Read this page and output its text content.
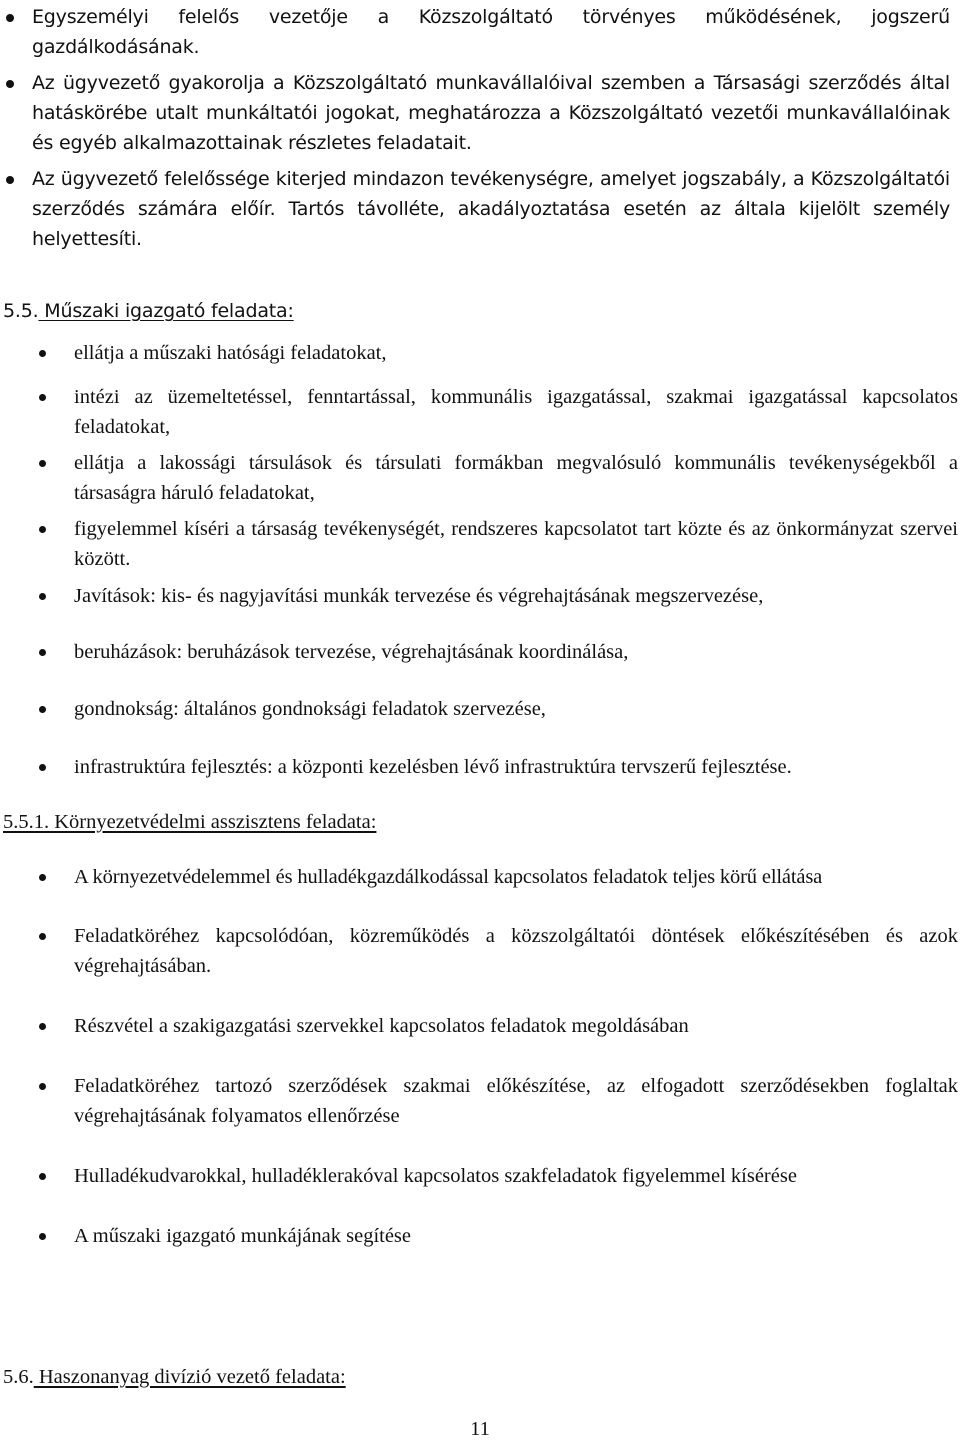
Egyszemélyi felelős vezetője a Közszolgáltató törvényes működésének, jogszerű gazdálkodásának.
Az ügyvezető gyakorolja a Közszolgáltató munkavállalóival szemben a Társasági szerződés által hatáskörébe utalt munkáltatói jogokat, meghatározza a Közszolgáltató vezetői munkavállalóinak és egyéb alkalmazottainak részletes feladatait.
Az ügyvezető felelőssége kiterjed mindazon tevékenységre, amelyet jogszabály, a Közszolgáltatói szerződés számára előír. Tartós távolléte, akadályoztatása esetén az általa kijelölt személy helyettesíti.
5.5. Műszaki igazgató feladata:
ellátja a műszaki hatósági feladatokat,
intézi az üzemeltetéssel, fenntartással, kommunális igazgatással, szakmai igazgatással kapcsolatos feladatokat,
ellátja a lakossági társulások és társulati formákban megvalósuló kommunális tevékenységekből a társaságra háruló feladatokat,
figyelemmel kíséri a társaság tevékenységét, rendszeres kapcsolatot tart közte és az önkormányzat szervei között.
Javítások: kis- és nagyjavítási munkák tervezése és végrehajtásának megszervezése,
beruházások: beruházások tervezése, végrehajtásának koordinálása,
gondnokság: általános gondnoksági feladatok szervezése,
infrastruktúra fejlesztés: a központi kezelésben lévő infrastruktúra tervszerű fejlesztése.
5.5.1. Környezetvédelmi asszisztens feladata:
A környezetvédelemmel és hulladékgazdálkodással kapcsolatos feladatok teljes körű ellátása
Feladatköréhez kapcsolódóan, közreműködés a közszolgáltatói döntések előkészítésében és azok végrehajtásában.
Részvétel a szakigazgatási szervekkel kapcsolatos feladatok megoldásában
Feladatköréhez tartozó szerződések szakmai előkészítése, az elfogadott szerződésekben foglaltak végrehajtásának folyamatos ellenőrzése
Hulladékudvarokkal, hulladéklerakóval kapcsolatos szakfeladatok figyelemmel kísérése
A műszaki igazgató munkájának segítése
5.6. Haszonanyag divízió vezető feladata:
11
